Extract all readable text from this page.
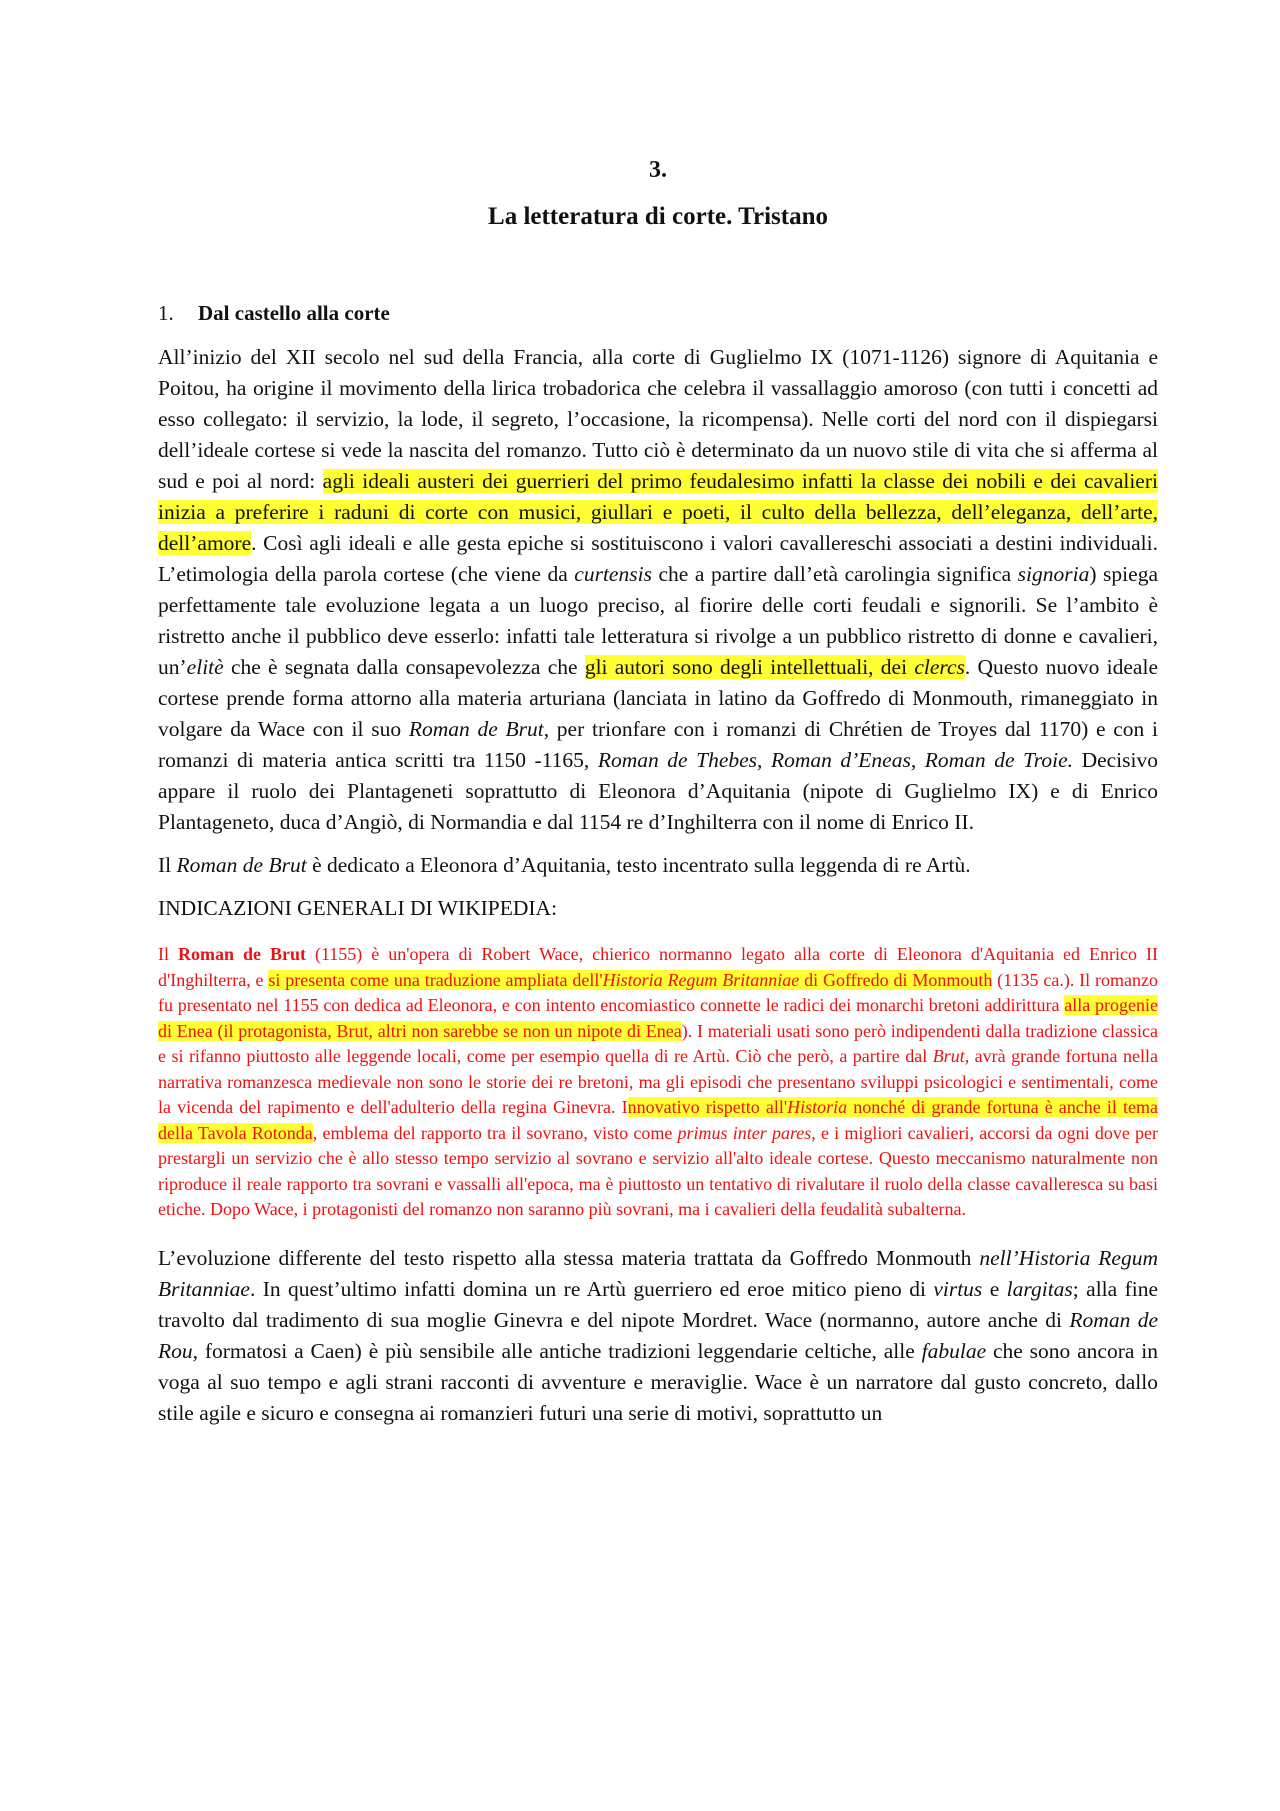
3.
La letteratura di corte. Tristano
1. Dal castello alla corte

All’inizio del XII secolo nel sud della Francia, alla corte di Guglielmo IX (1071-1126) signore di Aquitania e Poitou, ha origine il movimento della lirica trobadorica che celebra il vassallaggio amoroso (con tutti i concetti ad esso collegato: il servizio, la lode, il segreto, l’occasione, la ricompensa). Nelle corti del nord con il dispiegarsi dell’ideale cortese si vede la nascita del romanzo. Tutto ciò è determinato da un nuovo stile di vita che si afferma al sud e poi al nord: agli ideali austeri dei guerrieri del primo feudalesimo infatti la classe dei nobili e dei cavalieri inizia a preferire i raduni di corte con musici, giullari e poeti, il culto della bellezza, dell’eleganza, dell’arte, dell’amore. Così agli ideali e alle gesta epiche si sostituiscono i valori cavallereschi associati a destini individuali. L’etimologia della parola cortese (che viene da curtensis che a partire dall’età carolingia significa signoria) spiega perfettamente tale evoluzione legata a un luogo preciso, al fiorire delle corti feudali e signorili. Se l’ambito è ristretto anche il pubblico deve esserlo: infatti tale letteratura si rivolge a un pubblico ristretto di donne e cavalieri, un’elitè che è segnata dalla consapevolezza che gli autori sono degli intellettuali, dei clercs. Questo nuovo ideale cortese prende forma attorno alla materia arturiana (lanciata in latino da Goffredo di Monmouth, rimaneggiato in volgare da Wace con il suo Roman de Brut, per trionfare con i romanzi di Chrétien de Troyes dal 1170) e con i romanzi di materia antica scritti tra 1150 -1165, Roman de Thebes, Roman d’Eneas, Roman de Troie. Decisivo appare il ruolo dei Plantageneti soprattutto di Eleonora d’Aquitania (nipote di Guglielmo IX) e di Enrico Plantageneto, duca d’Angiò, di Normandia e dal 1154 re d’Inghilterra con il nome di Enrico II.

Il Roman de Brut è dedicato a Eleonora d’Aquitania, testo incentrato sulla leggenda di re Artù.

INDICAZIONI GENERALI DI WIKIPEDIA:

Il Roman de Brut (1155) è un'opera di Robert Wace, chierico normanno legato alla corte di Eleonora d'Aquitania ed Enrico II d'Inghilterra, e si presenta come una traduzione ampliata dell'Historia Regum Britanniae di Goffredo di Monmouth (1135 ca.). Il romanzo fu presentato nel 1155 con dedica ad Eleonora, e con intento encomiastico connette le radici dei monarchi bretoni addirittura alla progenie di Enea (il protagonista, Brut, altri non sarebbe se non un nipote di Enea). I materiali usati sono però indipendenti dalla tradizione classica e si rifanno piuttosto alle leggende locali, come per esempio quella di re Artù. Ciò che però, a partire dal Brut, avrà grande fortuna nella narrativa romanzesca medievale non sono le storie dei re bretoni, ma gli episodi che presentano sviluppi psicologici e sentimentali, come la vicenda del rapimento e dell'adulterio della regina Ginevra. Innovativo rispetto all'Historia nonché di grande fortuna è anche il tema della Tavola Rotonda, emblema del rapporto tra il sovrano, visto come primus inter pares, e i migliori cavalieri, accorsi da ogni dove per prestargli un servizio che è allo stesso tempo servizio al sovrano e servizio all'alto ideale cortese. Questo meccanismo naturalmente non riproduce il reale rapporto tra sovrani e vassalli all'epoca, ma è piuttosto un tentativo di rivalutare il ruolo della classe cavalleresca su basi etiche. Dopo Wace, i protagonisti del romanzo non saranno più sovrani, ma i cavalieri della feudalità subalterna.

L’evoluzione differente del testo rispetto alla stessa materia trattata da Goffredo Monmouth nell’Historia Regum Britanniae. In quest’ultimo infatti domina un re Artù guerriero ed eroe mitico pieno di virtus e largitas; alla fine travolto dal tradimento di sua moglie Ginevra e del nipote Mordret. Wace (normanno, autore anche di Roman de Rou, formatosi a Caen) è più sensibile alle antiche tradizioni leggendarie celtiche, alle fabulae che sono ancora in voga al suo tempo e agli strani racconti di avventure e meraviglie. Wace è un narratore dal gusto concreto, dallo stile agile e sicuro e consegna ai romanzieri futuri una serie di motivi, soprattutto un
